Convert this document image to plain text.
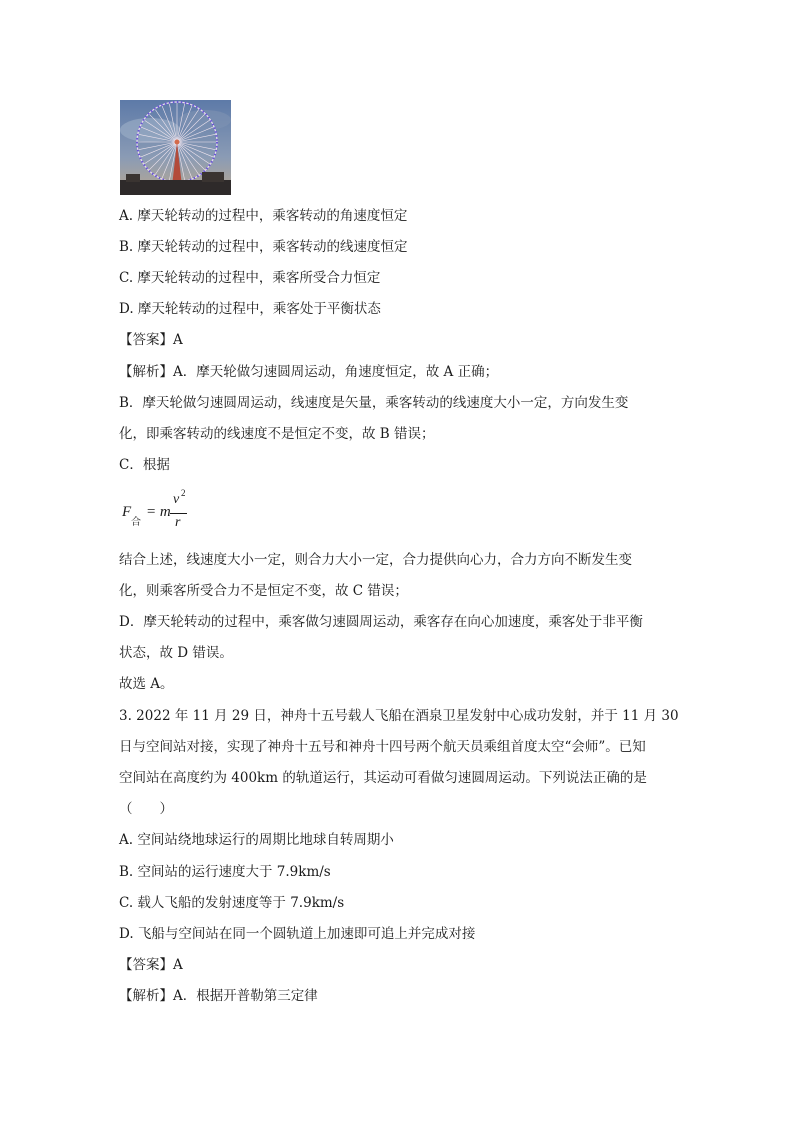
A. 摩天轮转动的过程中，乘客转动的角速度恒定
B. 摩天轮转动的过程中，乘客转动的线速度恒定
C. 摩天轮转动的过程中，乘客所受合力恒定
D. 摩天轮转动的过程中，乘客处于平衡状态
【答案】A
【解析】A．摩天轮做匀速圆周运动，角速度恒定，故 A 正确；
B．摩天轮做匀速圆周运动，线速度是矢量，乘客转动的线速度大小一定，方向发生变
化，即乘客转动的线速度不是恒定不变，故 B 错误；
C．根据
F
合
= m
v 2
r
结合上述，线速度大小一定，则合力大小一定，合力提供向心力，合力方向不断发生变
化，则乘客所受合力不是恒定不变，故 C 错误；
D．摩天轮转动的过程中，乘客做匀速圆周运动，乘客存在向心加速度，乘客处于非平衡
状态，故 D 错误。
故选 A。
3. 2022 年 11 月 29 日，神舟十五号载人飞船在酒泉卫星发射中心成功发射，并于 11 月 30
日与空间站对接，实现了神舟十五号和神舟十四号两个航天员乘组首度太空“会师”。已知
空间站在高度约为 400km 的轨道运行，其运动可看做匀速圆周运动。下列说法正确的是
（　　）
A. 空间站绕地球运行的周期比地球自转周期小
B. 空间站的运行速度大于 7.9km/s
C. 载人飞船的发射速度等于 7.9km/s
D. 飞船与空间站在同一个圆轨道上加速即可追上并完成对接
【答案】A
【解析】A．根据开普勒第三定律
